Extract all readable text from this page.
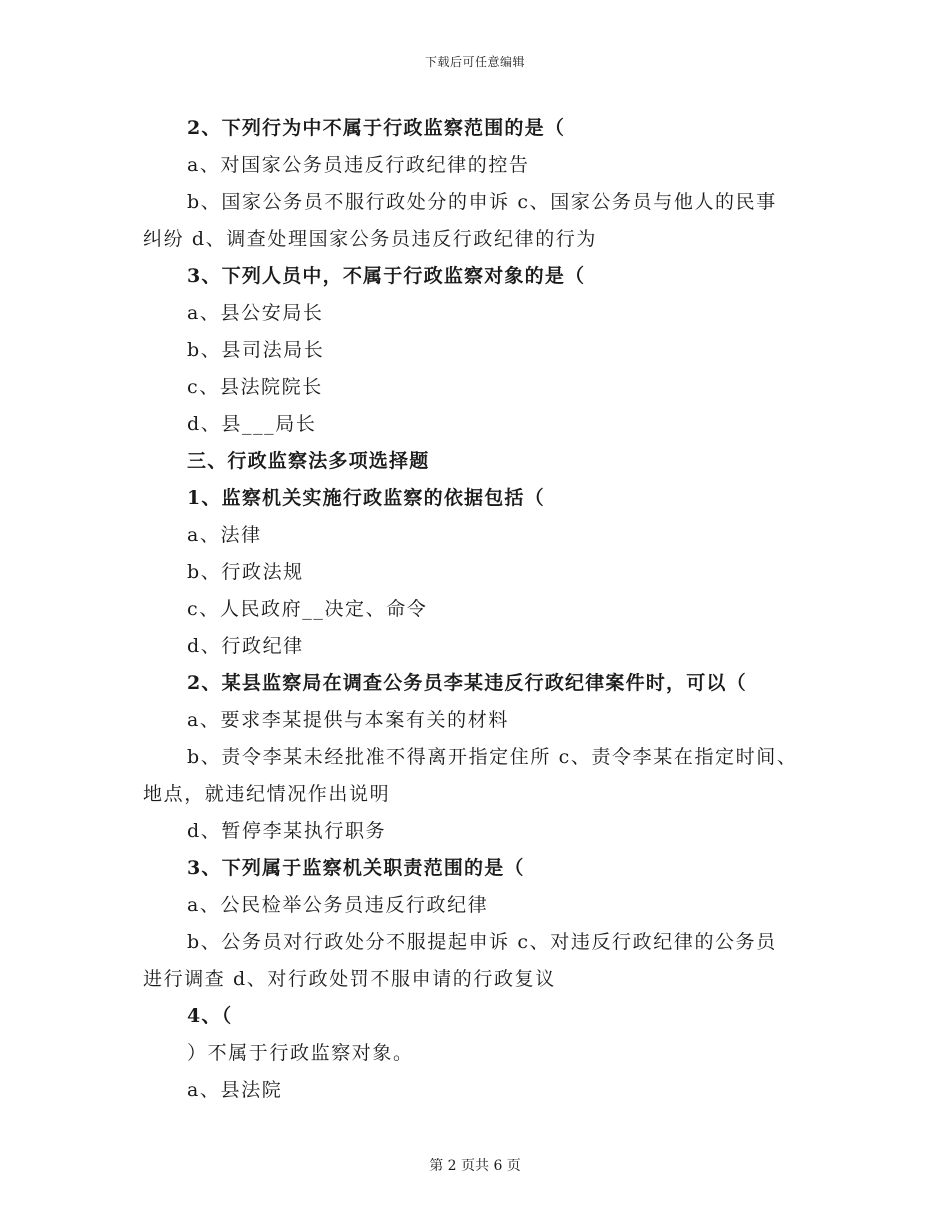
下载后可任意编辑
2、下列行为中不属于行政监察范围的是（
a、对国家公务员违反行政纪律的控告
b、国家公务员不服行政处分的申诉 c、国家公务员与他人的民事
纠纷 d、调查处理国家公务员违反行政纪律的行为
3、下列人员中，不属于行政监察对象的是（
a、县公安局长
b、县司法局长
c、县法院院长
d、县___局长
三、行政监察法多项选择题
1、监察机关实施行政监察的依据包括（
a、法律
b、行政法规
c、人民政府__决定、命令
d、行政纪律
2、某县监察局在调查公务员李某违反行政纪律案件时，可以（
a、要求李某提供与本案有关的材料
b、责令李某未经批准不得离开指定住所 c、责令李某在指定时间、
地点，就违纪情况作出说明
d、暂停李某执行职务
3、下列属于监察机关职责范围的是（
a、公民检举公务员违反行政纪律
b、公务员对行政处分不服提起申诉 c、对违反行政纪律的公务员
进行调查 d、对行政处罚不服申请的行政复议
4、（
）不属于行政监察对象。
a、县法院
第 2 页共 6 页
